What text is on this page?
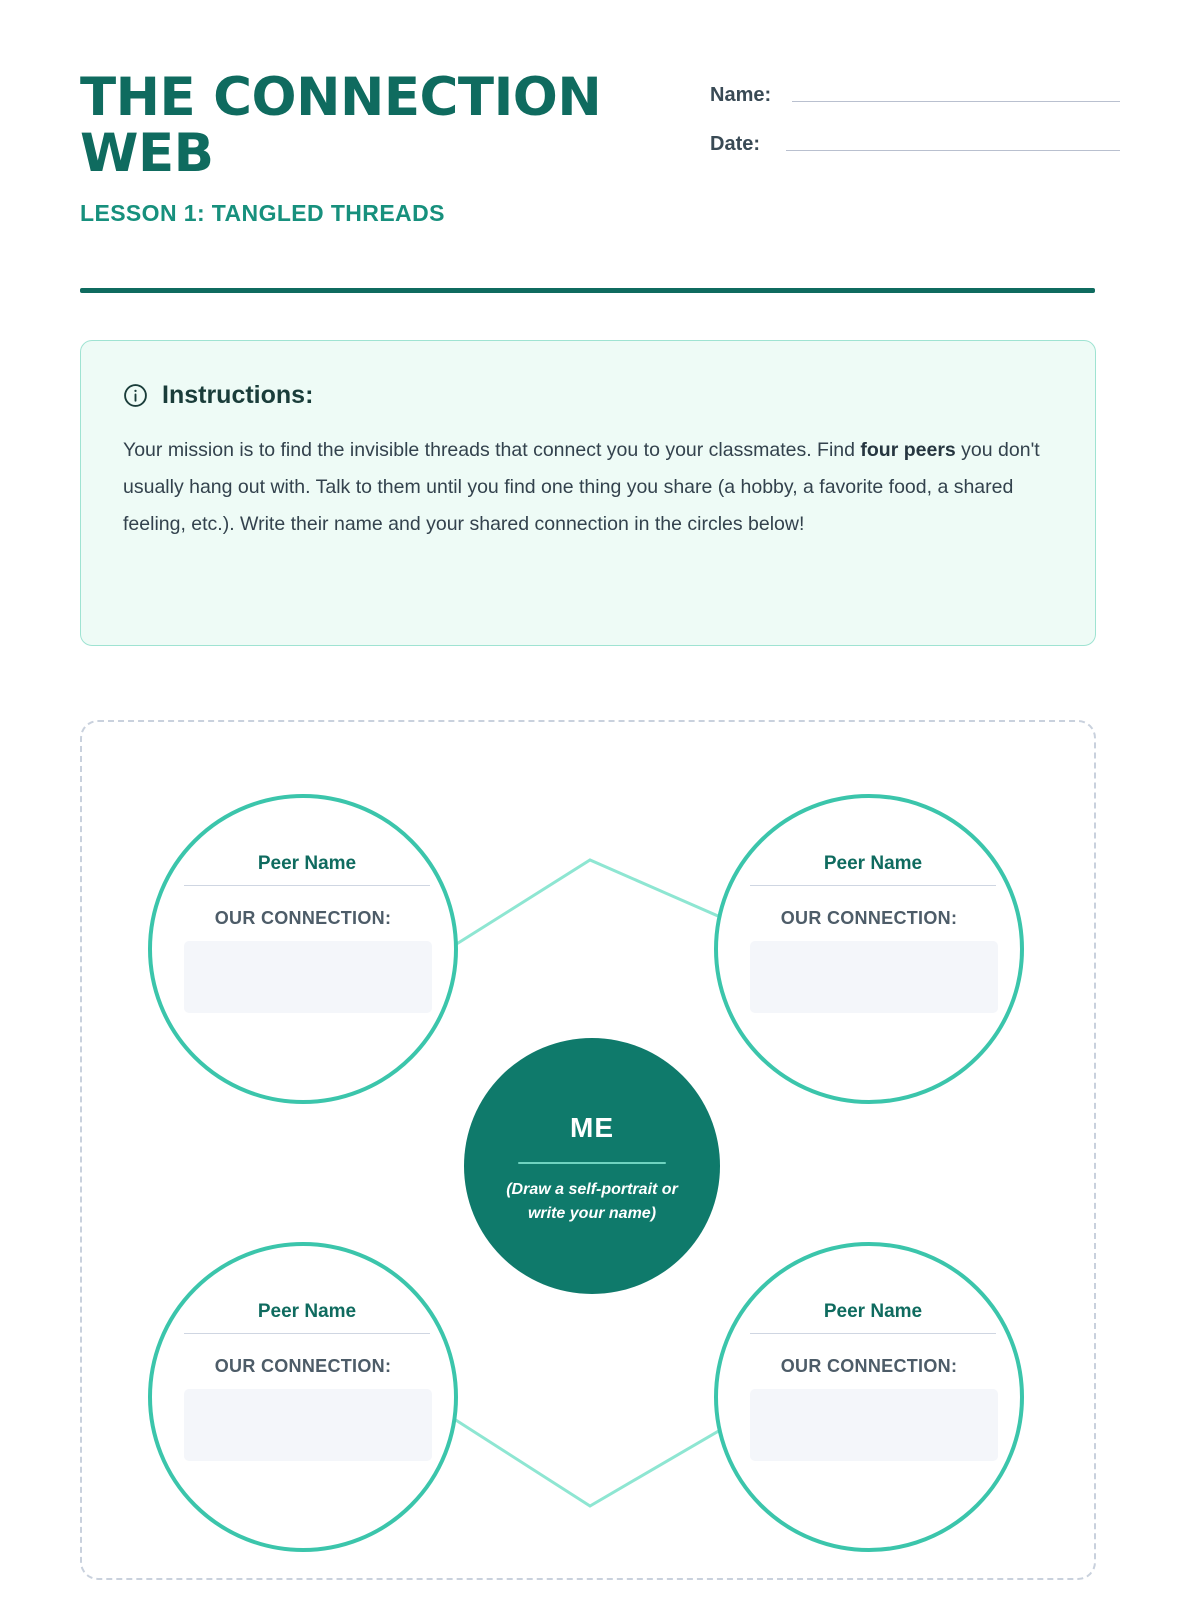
THE CONNECTION WEB
LESSON 1: TANGLED THREADS
Name:
Date:
Instructions:
Your mission is to find the invisible threads that connect you to your classmates. Find four peers you don't usually hang out with. Talk to them until you find one thing you share (a hobby, a favorite food, a shared feeling, etc.). Write their name and your shared connection in the circles below!
Peer Name
OUR CONNECTION:
Peer Name
OUR CONNECTION:
Peer Name
OUR CONNECTION:
Peer Name
OUR CONNECTION:
ME
(Draw a self-portrait or write your name)
